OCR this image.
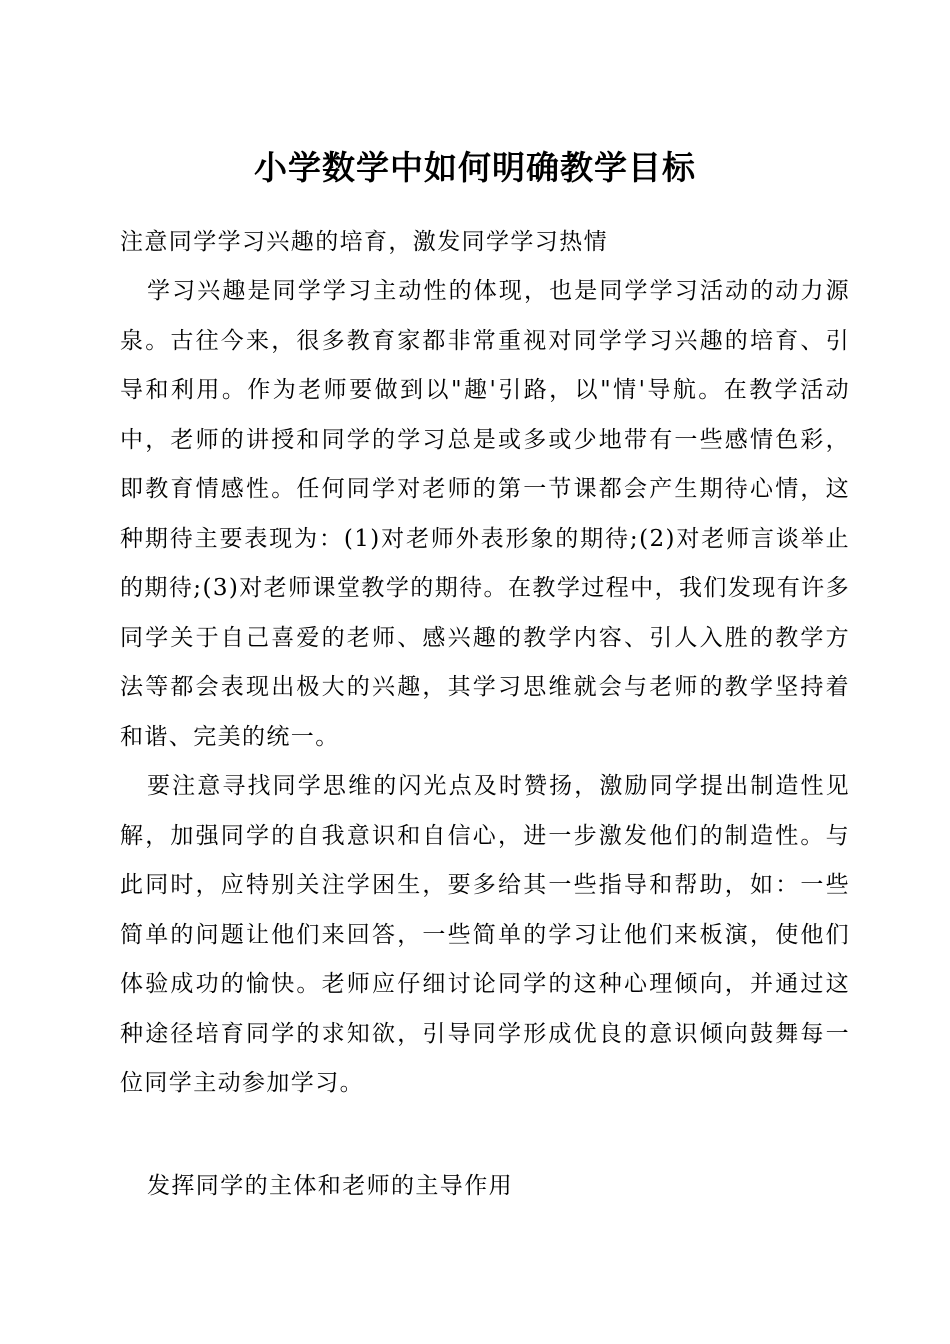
小学数学中如何明确教学目标

注意同学学习兴趣的培育，激发同学学习热情

学习兴趣是同学学习主动性的体现，也是同学学习活动的动力源泉。古往今来，很多教育家都非常重视对同学学习兴趣的培育、引导和利用。作为老师要做到以"趣'引路，以"情'导航。在教学活动中，老师的讲授和同学的学习总是或多或少地带有一些感情色彩，即教育情感性。任何同学对老师的第一节课都会产生期待心情，这种期待主要表现为：(1)对老师外表形象的期待;(2)对老师言谈举止的期待;(3)对老师课堂教学的期待。在教学过程中，我们发现有许多同学关于自己喜爱的老师、感兴趣的教学内容、引人入胜的教学方法等都会表现出极大的兴趣，其学习思维就会与老师的教学坚持着和谐、完美的统一。

要注意寻找同学思维的闪光点及时赞扬，激励同学提出制造性见解，加强同学的自我意识和自信心，进一步激发他们的制造性。与此同时，应特别关注学困生，要多给其一些指导和帮助，如：一些简单的问题让他们来回答，一些简单的学习让他们来板演，使他们体验成功的愉快。老师应仔细讨论同学的这种心理倾向，并通过这种途径培育同学的求知欲，引导同学形成优良的意识倾向鼓舞每一位同学主动参加学习。

发挥同学的主体和老师的主导作用
